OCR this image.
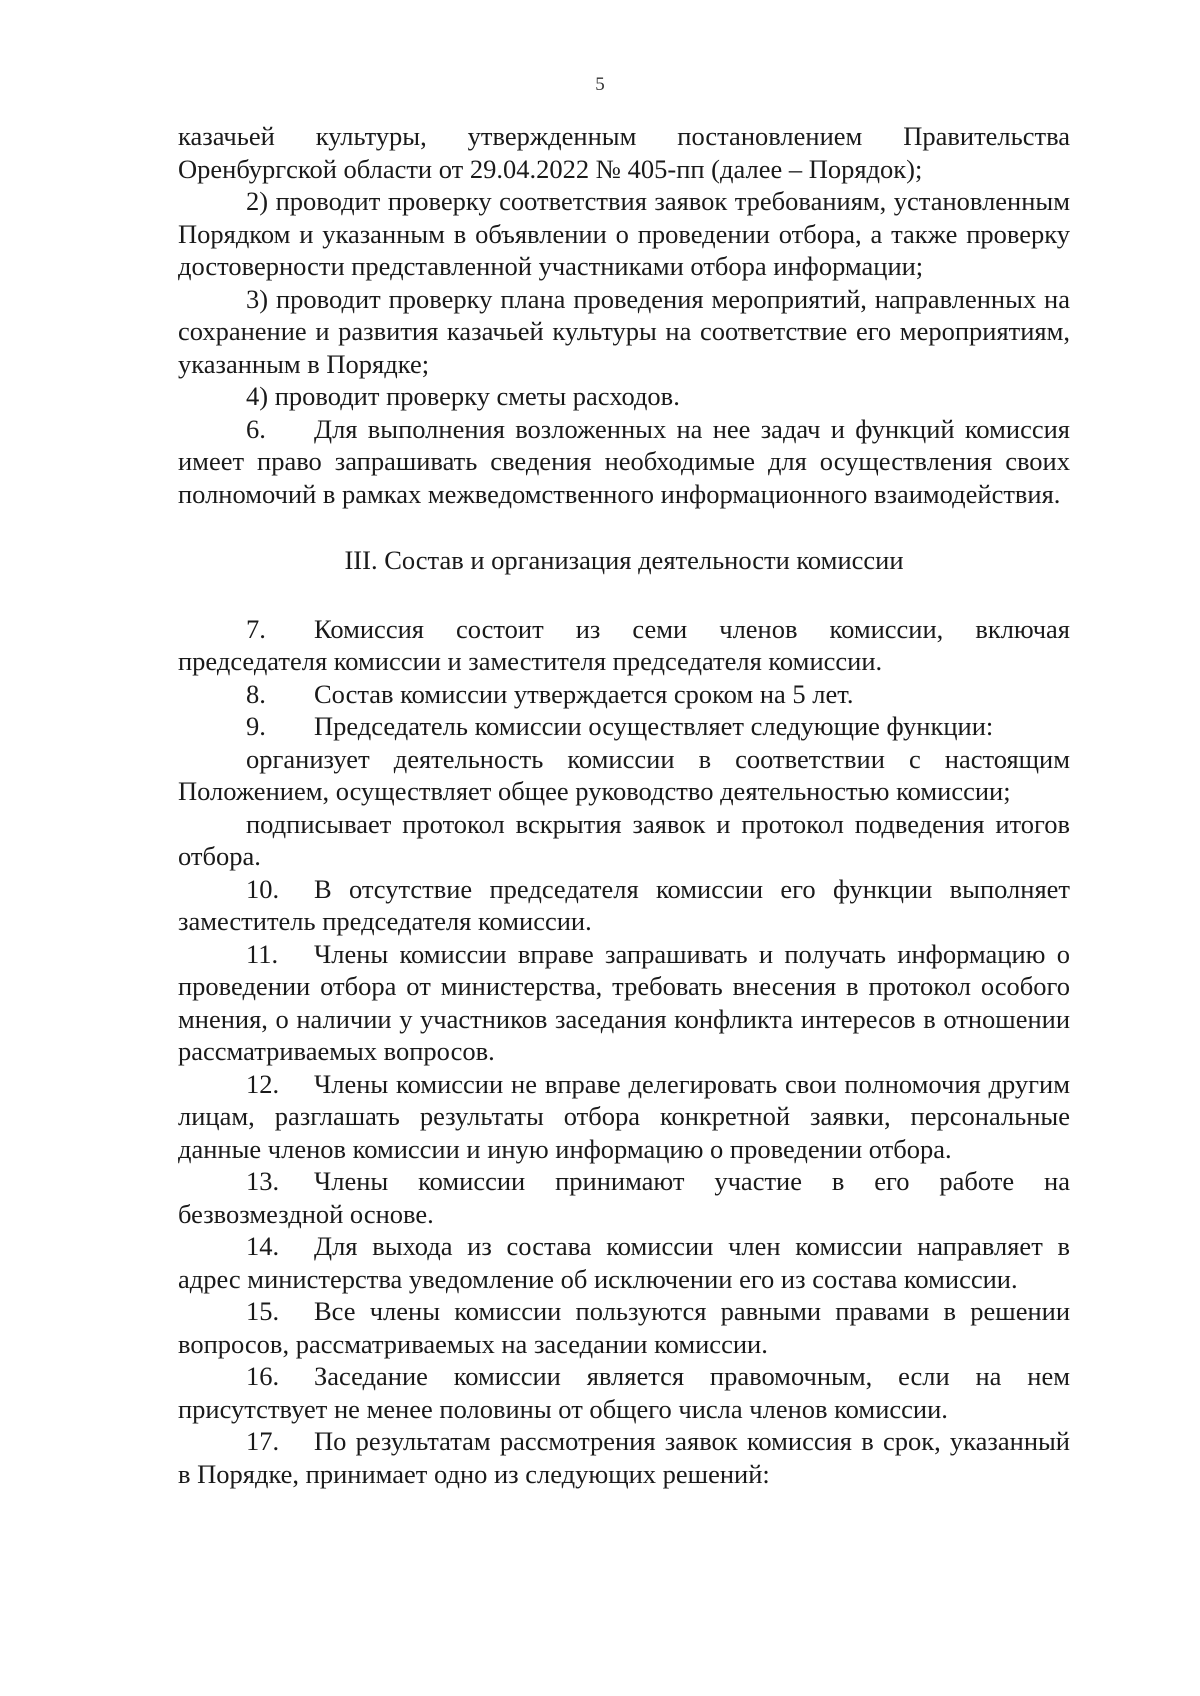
5

казачьей культуры, утвержденным постановлением Правительства Оренбургской области от 29.04.2022 № 405-пп (далее – Порядок);

2) проводит проверку соответствия заявок требованиям, установленным Порядком и указанным в объявлении о проведении отбора, а также проверку достоверности представленной участниками отбора информации;

3) проводит проверку плана проведения мероприятий, направленных на сохранение и развития казачьей культуры на соответствие его мероприятиям, указанным в Порядке;

4) проводит проверку сметы расходов.

6. Для выполнения возложенных на нее задач и функций комиссия имеет право запрашивать сведения необходимые для осуществления своих полномочий в рамках межведомственного информационного взаимодействия.

III. Состав и организация деятельности комиссии

7. Комиссия состоит из семи членов комиссии, включая председателя комиссии и заместителя председателя комиссии.

8. Состав комиссии утверждается сроком на 5 лет.

9. Председатель комиссии осуществляет следующие функции:

организует деятельность комиссии в соответствии с настоящим Положением, осуществляет общее руководство деятельностью комиссии;

подписывает протокол вскрытия заявок и протокол подведения итогов отбора.

10. В отсутствие председателя комиссии его функции выполняет заместитель председателя комиссии.

11. Члены комиссии вправе запрашивать и получать информацию о проведении отбора от министерства, требовать внесения в протокол особого мнения, о наличии у участников заседания конфликта интересов в отношении рассматриваемых вопросов.

12. Члены комиссии не вправе делегировать свои полномочия другим лицам, разглашать результаты отбора конкретной заявки, персональные данные членов комиссии и иную информацию о проведении отбора.

13. Члены комиссии принимают участие в его работе на безвозмездной основе.

14. Для выхода из состава комиссии член комиссии направляет в адрес министерства уведомление об исключении его из состава комиссии.

15. Все члены комиссии пользуются равными правами в решении вопросов, рассматриваемых на заседании комиссии.

16. Заседание комиссии является правомочным, если на нем присутствует не менее половины от общего числа членов комиссии.

17. По результатам рассмотрения заявок комиссия в срок, указанный в Порядке, принимает одно из следующих решений:
